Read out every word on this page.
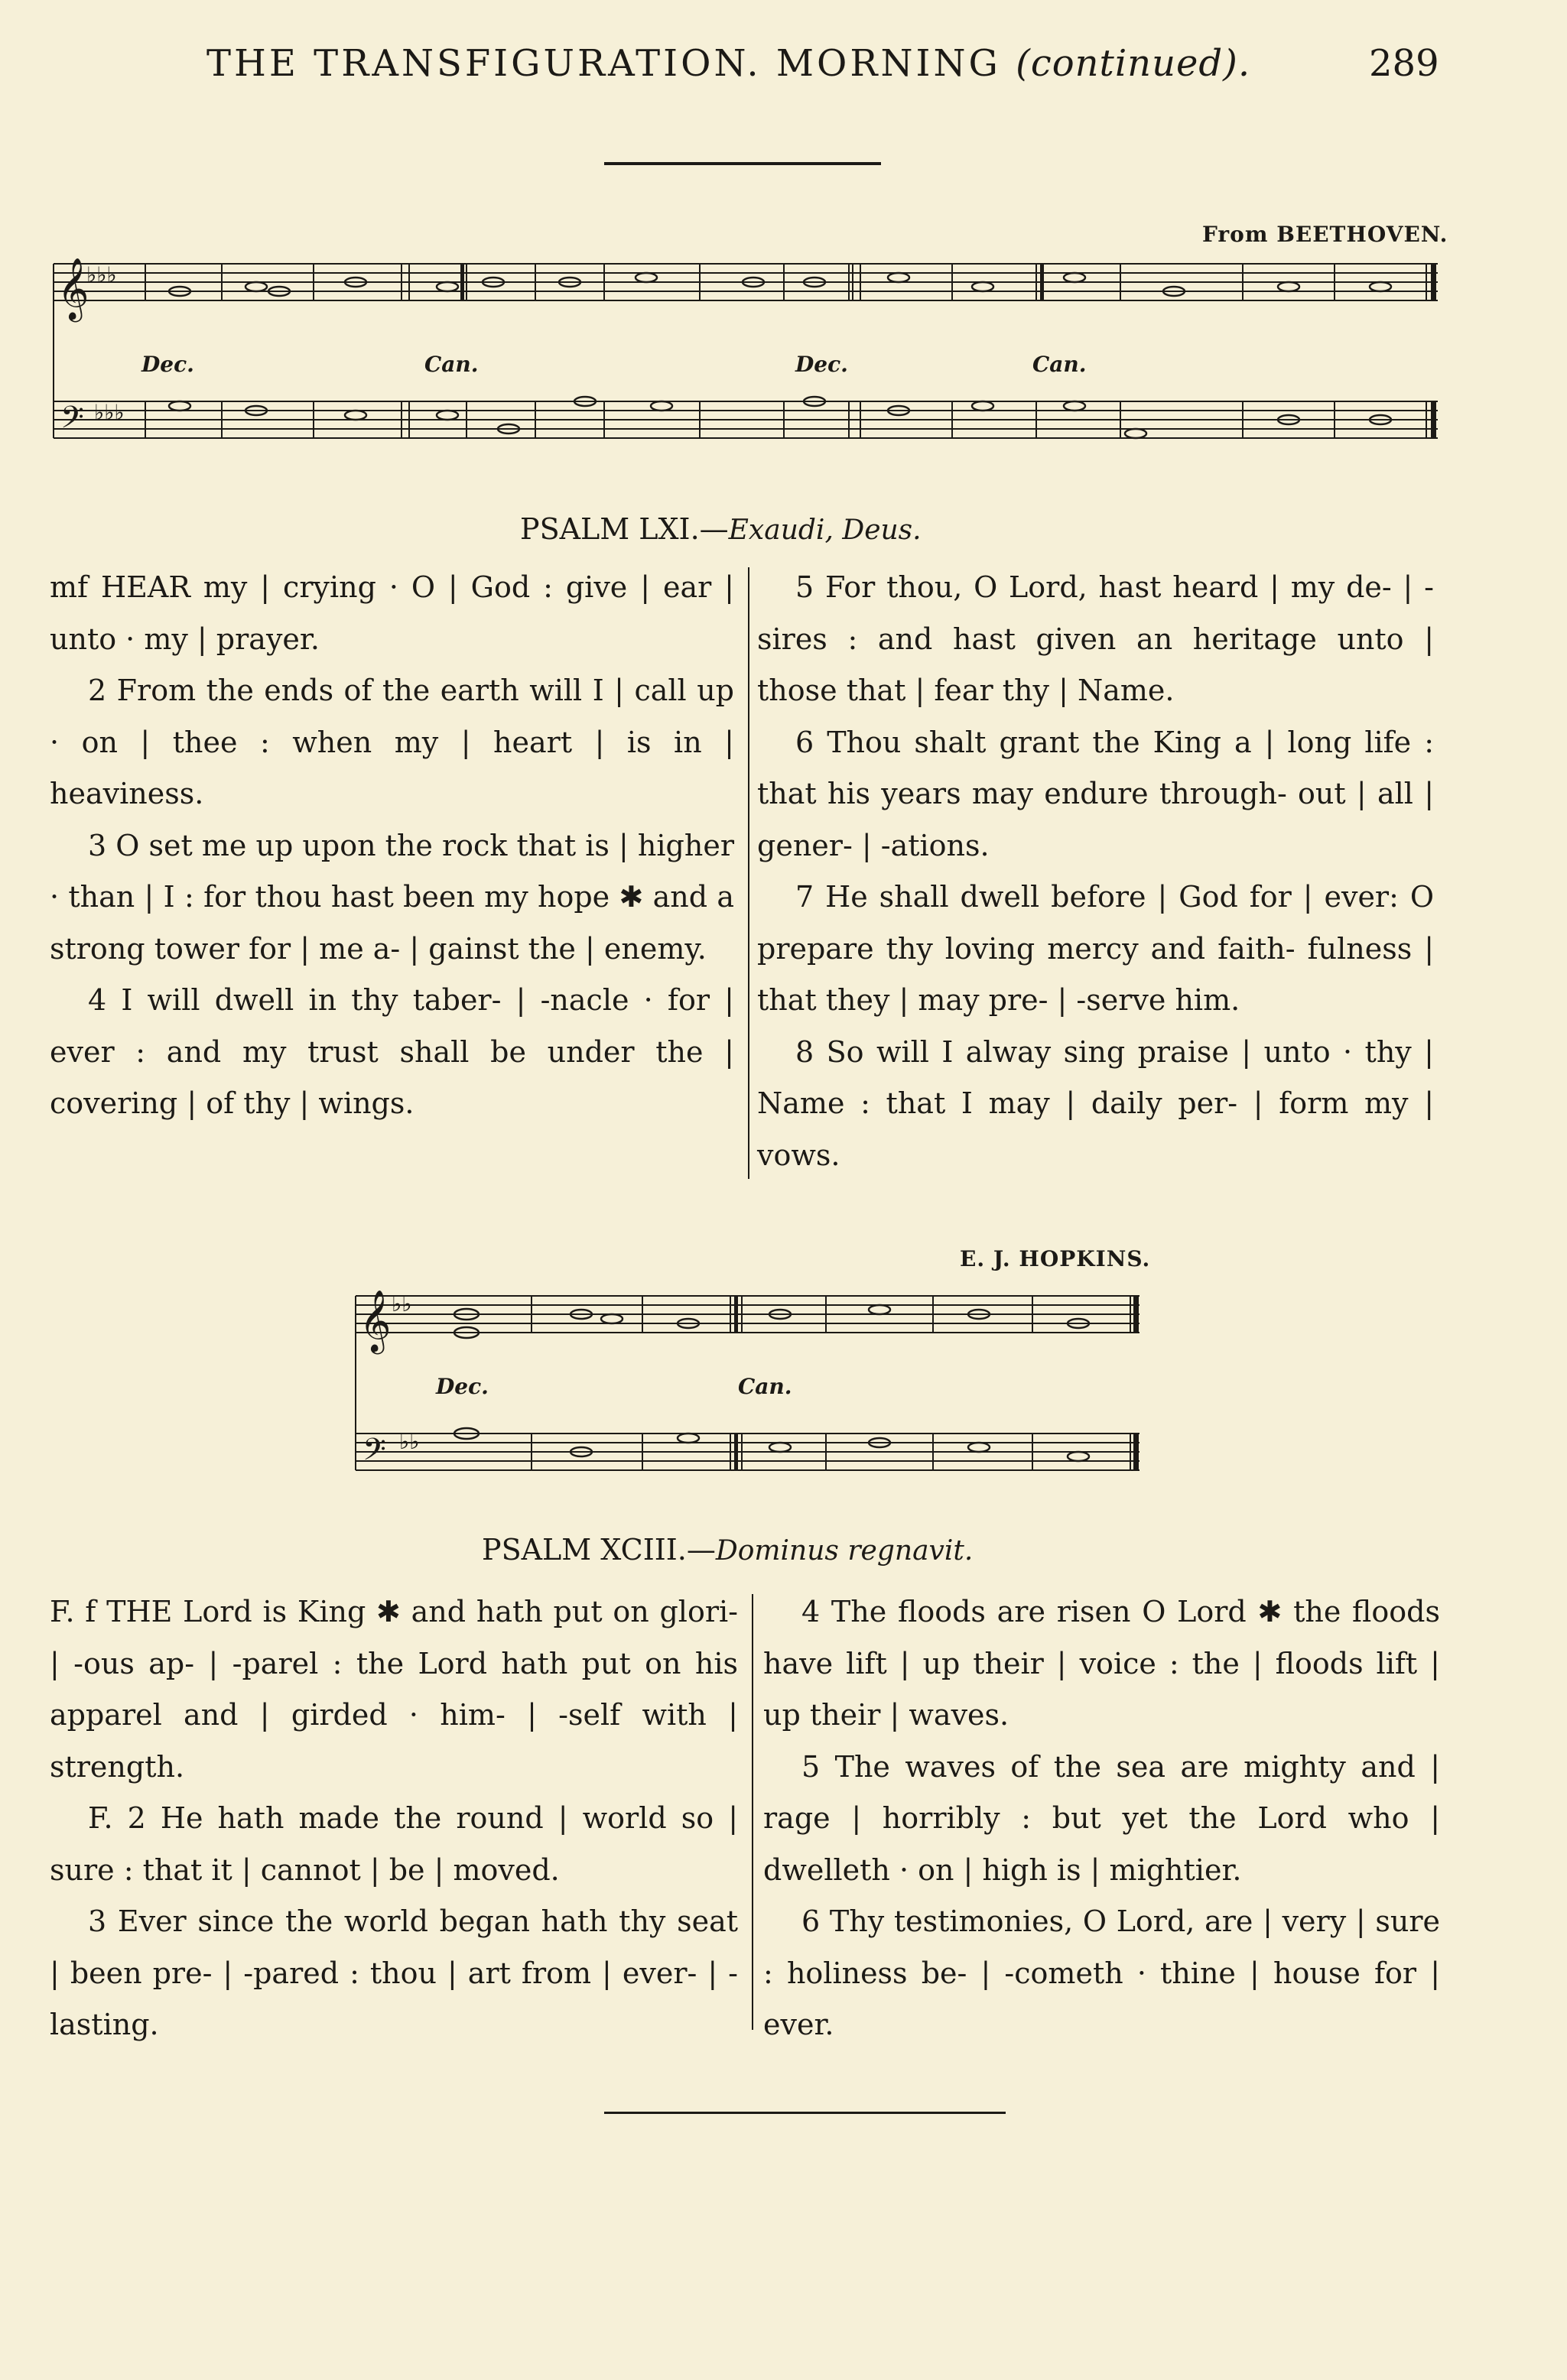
THE TRANSFIGURATION. MORNING (continued).	289
From BEETHOVEN.
𝄞
𝄢
♭♭♭
♭♭♭
Dec.	Can.	Dec.	Can.
PSALM LXI.—Exaudi, Deus.

mf HEAR my | crying · O | God : give | ear | unto · my | prayer.

2 From the ends of the earth will I | call up · on | thee : when my | heart | is in | heaviness.

3 O set me up upon the rock that is | higher · than | I : for thou hast been my hope ✱ and a strong tower for | me a- | gainst the | enemy.

4 I will dwell in thy taber- | -nacle · for | ever : and my trust shall be under the | covering | of thy | wings.

5 For thou, O Lord, hast heard | my de- | -sires : and hast given an heritage unto | those that | fear thy | Name.

6 Thou shalt grant the King a | long life : that his years may endure through- out | all | gener- | -ations.

7 He shall dwell before | God for | ever: O prepare thy loving mercy and faith- fulness | that they | may pre- | -serve him.

8 So will I alway sing praise | unto · thy | Name : that I may | daily per- | form my | vows.

E. J. HOPKINS.
𝄞
𝄢
♭♭
♭♭
Dec.	Can.
PSALM XCIII.—Dominus regnavit.

F. f THE Lord is King ✱ and hath put on glori- | -ous ap- | -parel : the Lord hath put on his apparel and | girded · him- | -self with | strength.

F. 2 He hath made the round | world so | sure : that it | cannot | be | moved.

3 Ever since the world began hath thy seat | been pre- | -pared : thou | art from | ever- | -lasting.

4 The floods are risen O Lord ✱ the floods have lift | up their | voice : the | floods lift | up their | waves.

5 The waves of the sea are mighty and | rage | horribly : but yet the Lord who | dwelleth · on | high is | mightier.

6 Thy testimonies, O Lord, are | very | sure : holiness be- | -cometh · thine | house for | ever.
